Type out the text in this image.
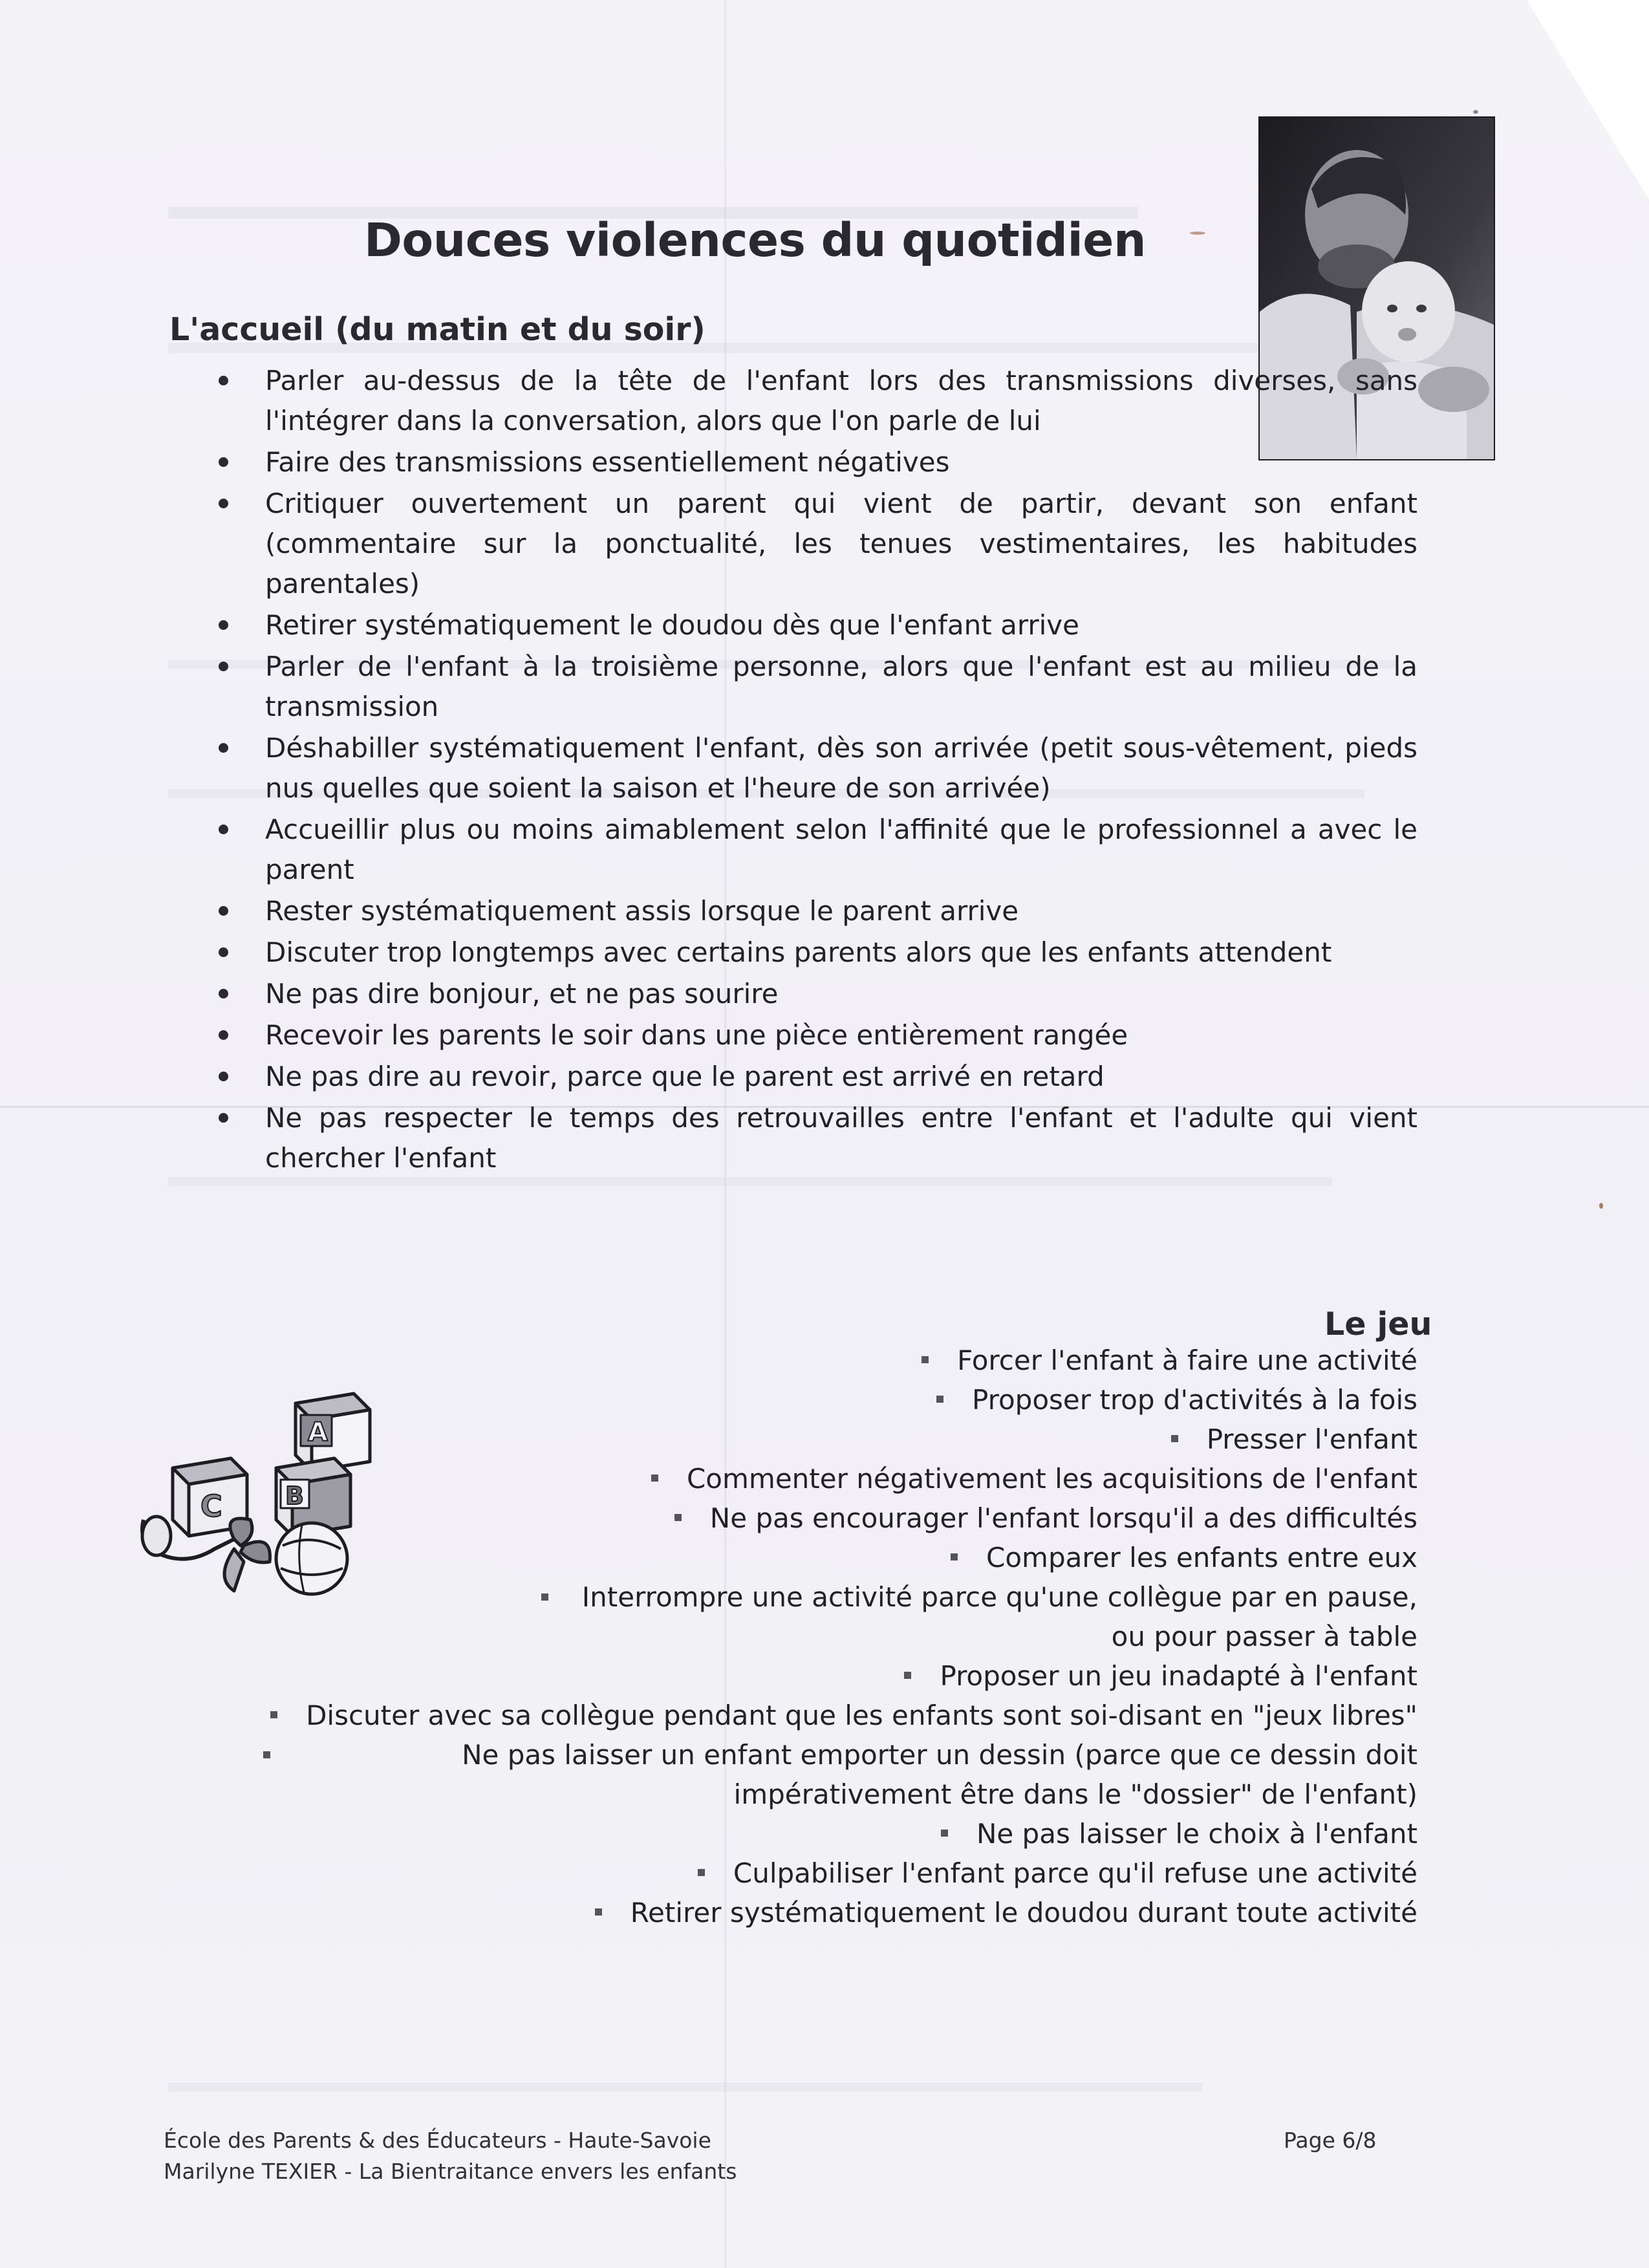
Douces violences du quotidien
L'accueil (du matin et du soir)
Parler au-dessus de la tête de l'enfant lors des transmissions diverses, sans l'intégrer dans la conversation, alors que l'on parle de lui
Faire des transmissions essentiellement négatives
Critiquer ouvertement un parent qui vient de partir, devant son enfant (commentaire sur la ponctualité, les tenues vestimentaires, les habitudes parentales)
Retirer systématiquement le doudou dès que l'enfant arrive
Parler de l'enfant à la troisième personne, alors que l'enfant est au milieu de la transmission
Déshabiller systématiquement l'enfant, dès son arrivée (petit sous-vêtement, pieds nus quelles que soient la saison et l'heure de son arrivée)
Accueillir plus ou moins aimablement selon l'affinité que le professionnel a avec le parent
Rester systématiquement assis lorsque le parent arrive
Discuter trop longtemps avec certains parents alors que les enfants attendent
Ne pas dire bonjour, et ne pas sourire
Recevoir les parents le soir dans une pièce entièrement rangée
Ne pas dire au revoir, parce que le parent est arrivé en retard
Ne pas respecter le temps des retrouvailles entre l'enfant et l'adulte qui vient chercher l'enfant
Le jeu
Forcer l'enfant à faire une activité
Proposer trop d'activités à la fois
Presser l'enfant
Commenter négativement les acquisitions de l'enfant
Ne pas encourager l'enfant lorsqu'il a des difficultés
Comparer les enfants entre eux
Interrompre une activité parce qu'une collègue par en pause, ou pour passer à table
Proposer un jeu inadapté à l'enfant
Discuter avec sa collègue pendant que les enfants sont soi-disant en "jeux libres"
Ne pas laisser un enfant emporter un dessin (parce que ce dessin doit impérativement être dans le "dossier" de l'enfant)
Ne pas laisser le choix à l'enfant
Culpabiliser l'enfant parce qu'il refuse une activité
Retirer systématiquement le doudou durant toute activité
A
B
C
École des Parents & des Éducateurs - Haute-Savoie
Marilyne TEXIER - La Bientraitance envers les enfants
Page 6/8
